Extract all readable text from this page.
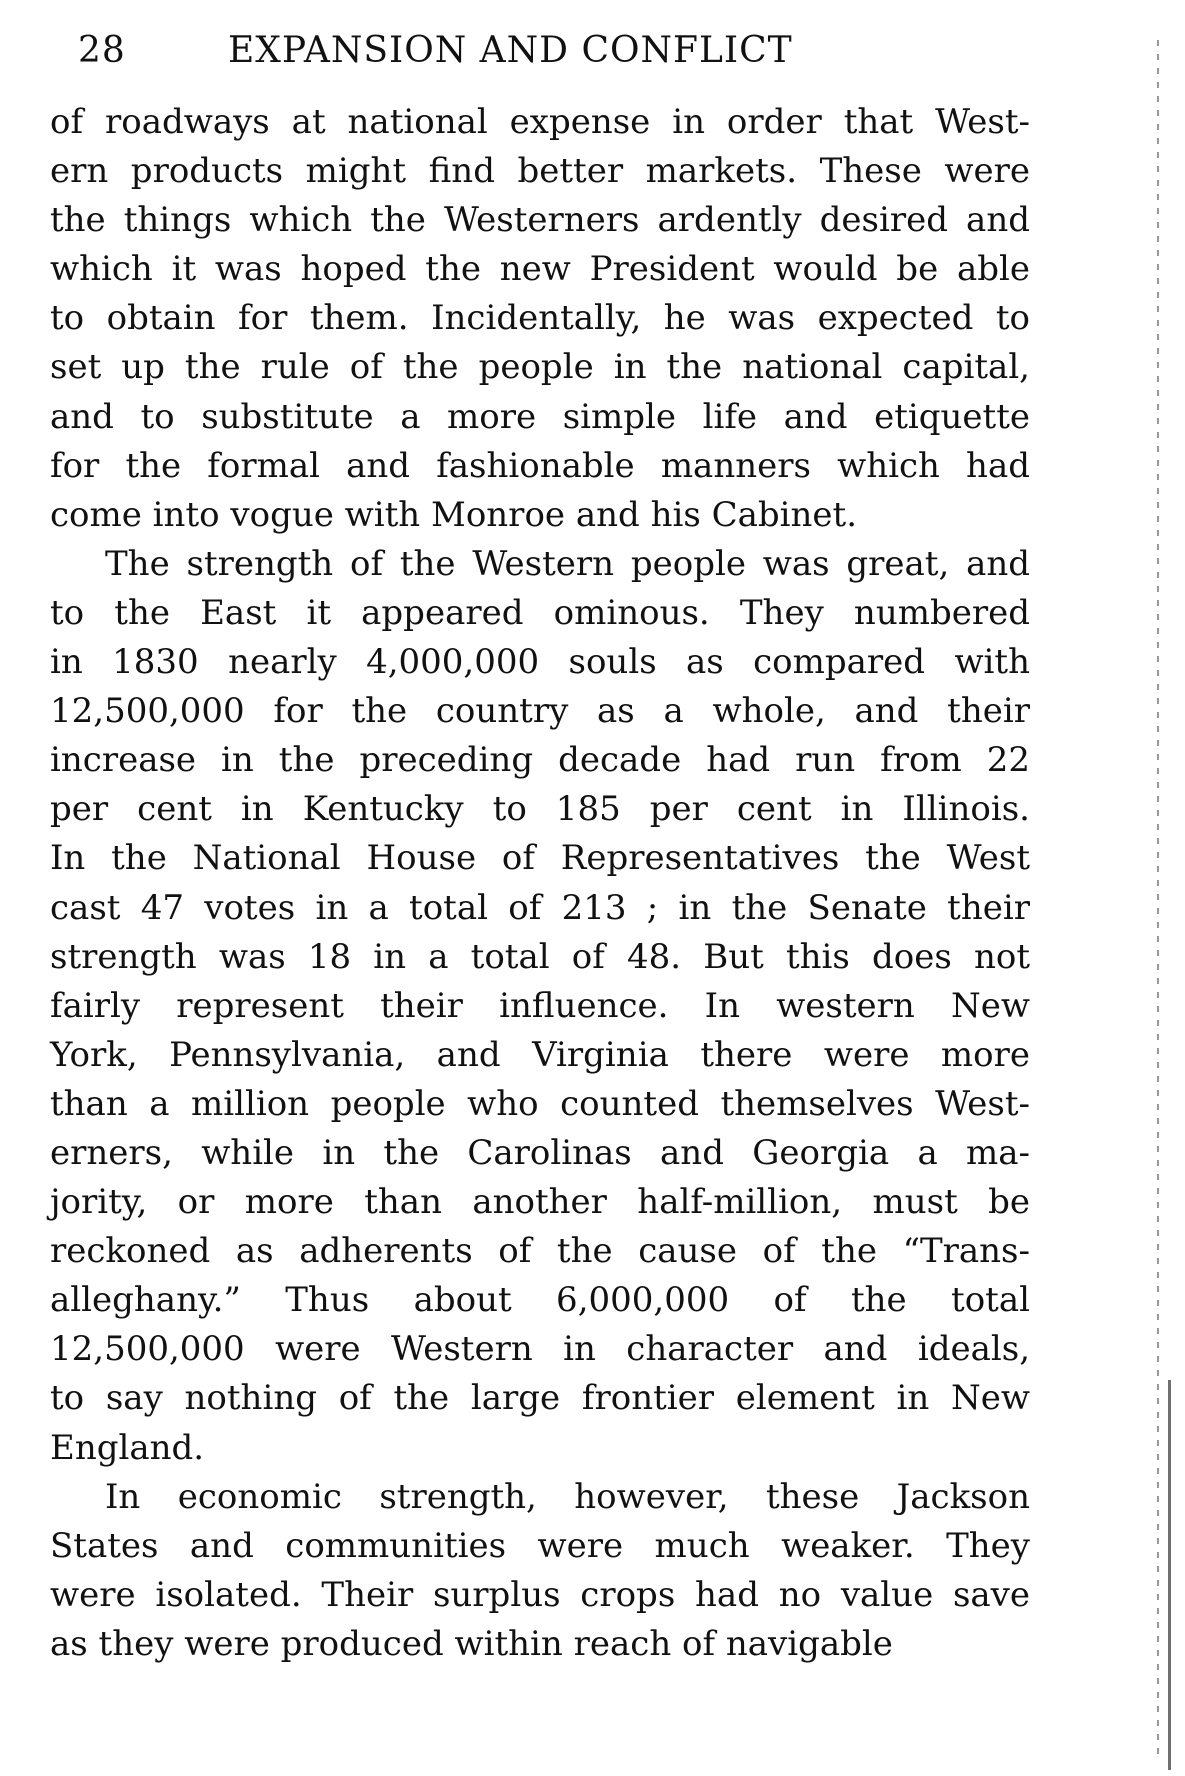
28	EXPANSION AND CONFLICT
of roadways at national expense in order that West-
ern products might find better markets. These were
the things which the Westerners ardently desired and
which it was hoped the new President would be able
to obtain for them. Incidentally, he was expected to
set up the rule of the people in the national capital,
and to substitute a more simple life and etiquette
for the formal and fashionable manners which had
come into vogue with Monroe and his Cabinet.
The strength of the Western people was great, and
to the East it appeared ominous. They numbered
in 1830 nearly 4,000,000 souls as compared with
12,500,000 for the country as a whole, and their
increase in the preceding decade had run from 22
per cent in Kentucky to 185 per cent in Illinois.
In the National House of Representatives the West
cast 47 votes in a total of 213 ; in the Senate their
strength was 18 in a total of 48. But this does not
fairly represent their influence. In western New
York, Pennsylvania, and Virginia there were more
than a million people who counted themselves West-
erners, while in the Carolinas and Georgia a ma-
jority, or more than another half-million, must be
reckoned as adherents of the cause of the “Trans-
alleghany.” Thus about 6,000,000 of the total
12,500,000 were Western in character and ideals,
to say nothing of the large frontier element in New
England.
In economic strength, however, these Jackson
States and communities were much weaker. They
were isolated. Their surplus crops had no value save
as they were produced within reach of navigable
